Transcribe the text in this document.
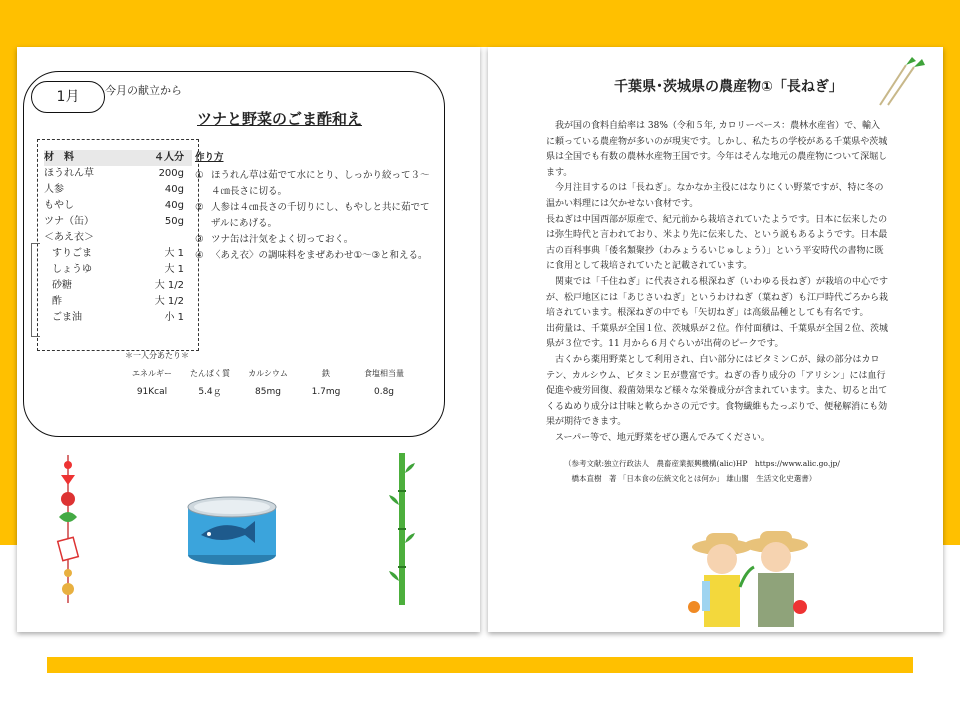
1月	今月の献立から
ツナと野菜のごま酢和え
材　料	４人分
ほうれん草	200g
人参	40g
もやし	40g
ツナ（缶）	50g
＜あえ衣＞
すりごま	大 1
しょうゆ	大 1
砂糖	大 1/2
酢	大 1/2
ごま油	小 1
作り方
① ほうれん草は茹でて水にとり、しっかり絞って３～４㎝長さに切る。
② 人参は４㎝長さの千切りにし、もやしと共に茹でてザルにあげる。
③ ツナ缶は汁気をよく切っておく。
④ 〈あえ衣〉の調味料をまぜあわせ①～③と和える。
＊一人分あたり＊
エネルギー	たんぱく質	カルシウム	鉄	食塩相当量
91Kcal	5.4ｇ	85mg	1.7mg	0.8g
千葉県･茨城県の農産物①「長ねぎ」

我が国の食料自給率は 38%（令和５年, カロリーベース：農林水産省）で、輸入に頼っている農産物が多いのが現実です。しかし、私たちの学校がある千葉県や茨城県は全国でも有数の農林水産物王国です。今年はそんな地元の農産物について深堀します。

今月注目するのは「長ねぎ」。なかなか主役にはなりにくい野菜ですが、特に冬の温かい料理には欠かせない食材です。

長ねぎは中国西部が原産で、紀元前から栽培されていたようです。日本に伝来したのは弥生時代と言われており、米より先に伝来した、という説もあるようです。日本最古の百科事典「倭名類聚抄（わみょうるいじゅしょう）」という平安時代の書物に既に食用として栽培されていたと記載されています。

関東では「千住ねぎ」に代表される根深ねぎ（いわゆる長ねぎ）が栽培の中心ですが、松戸地区には「あじさいねぎ」というわけねぎ（葉ねぎ）も江戸時代ごろから栽培されています。根深ねぎの中でも「矢切ねぎ」は高級品種としても有名です。

出荷量は、千葉県が全国１位、茨城県が２位。作付面積は、千葉県が全国２位、茨城県が３位です。11 月から６月ぐらいが出荷のピークです。

古くから薬用野菜として利用され、白い部分にはビタミンＣが、緑の部分はカロテン、カルシウム、ビタミンＥが豊富です。ねぎの香り成分の「アリシン」には血行促進や疲労回復、殺菌効果など様々な栄養成分が含まれています。また、切ると出てくるぬめり成分は甘味と軟らかさの元です。食物繊維もたっぷりで、便秘解消にも効果が期待できます。

スーパー等で、地元野菜をぜひ選んでみてください。

（参考文献:独立行政法人　農畜産業振興機構(alic)HP　https://www.alic.go.jp/

橋本直樹　著 「日本食の伝統文化とは何か」 雄山閣　生活文化史選書）
